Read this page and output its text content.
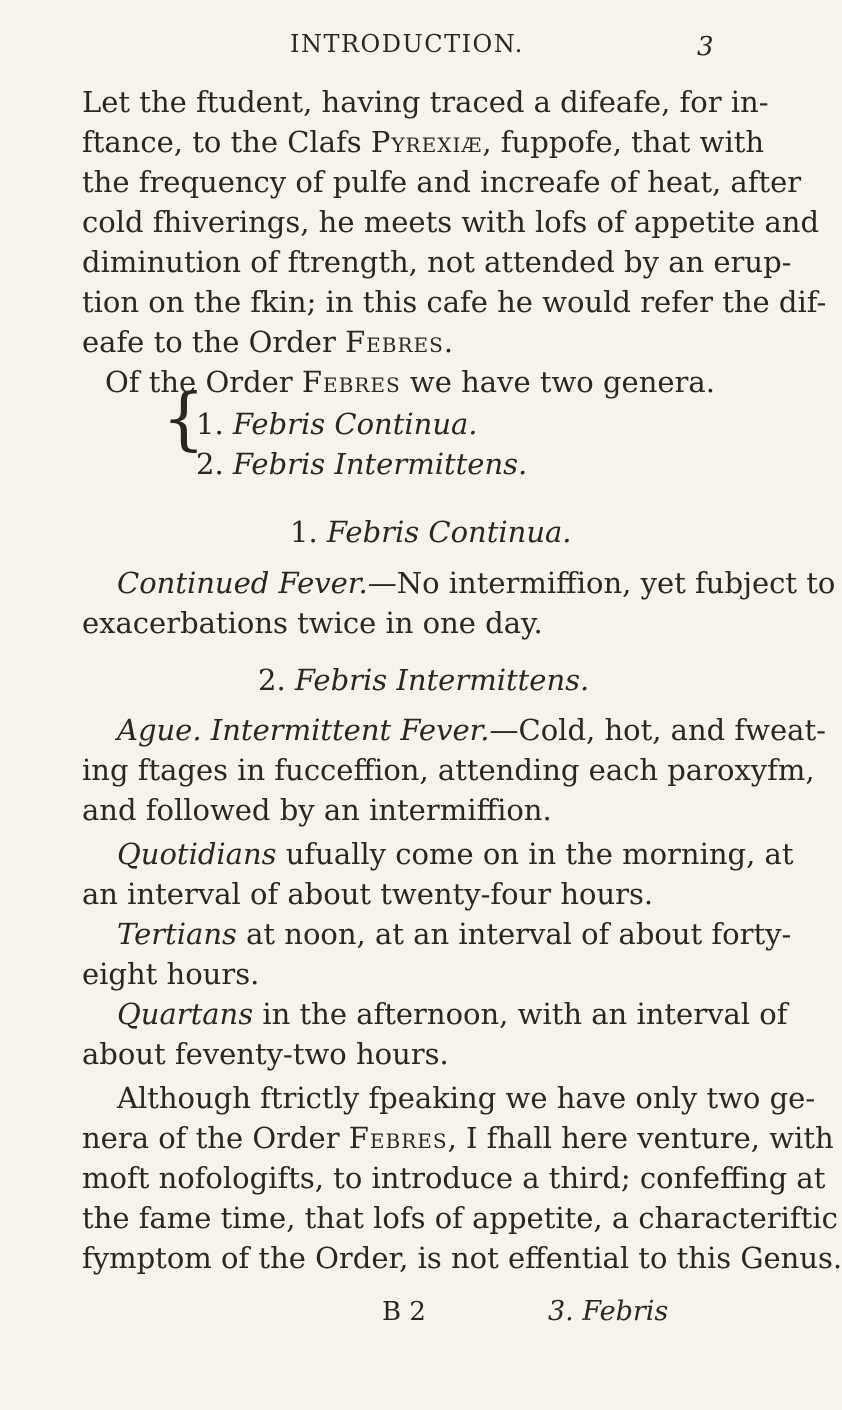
INTRODUCTION.	3
Let the ftudent, having traced a difeafe, for in-
ftance, to the Clafs Pyrexiæ, fuppofe, that with
the frequency of pulfe and increafe of heat, after
cold fhiverings, he meets with lofs of appetite and
diminution of ftrength, not attended by an erup-
tion on the fkin; in this cafe he would refer the dif-
eafe to the Order Febres.
Of the Order Febres we have two genera.
{
1. Febris Continua.
2. Febris Intermittens.
1. Febris Continua.
Continued Fever.—No intermiffion, yet fubject to
exacerbations twice in one day.
2. Febris Intermittens.
Ague. Intermittent Fever.—Cold, hot, and fweat-
ing ftages in fucceffion, attending each paroxyfm,
and followed by an intermiffion.
Quotidians ufually come on in the morning, at
an interval of about twenty-four hours.
Tertians at noon, at an interval of about forty-
eight hours.
Quartans in the afternoon, with an interval of
about feventy-two hours.
Although ftrictly fpeaking we have only two ge-
nera of the Order Febres, I fhall here venture, with
moft nofologifts, to introduce a third; confeffing at
the fame time, that lofs of appetite, a characteriftic
fymptom of the Order, is not effential to this Genus.
B 2	3. Febris
